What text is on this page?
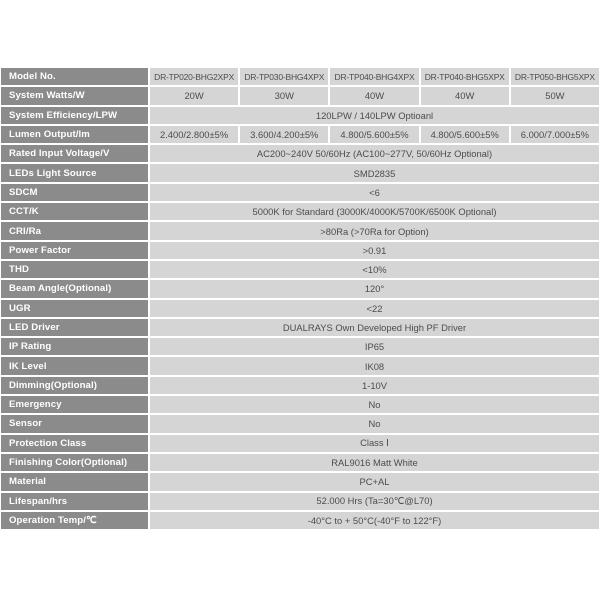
Model No.	DR-TP020-BHG2XPX	DR-TP030-BHG4XPX	DR-TP040-BHG4XPX	DR-TP040-BHG5XPX	DR-TP050-BHG5XPX
System Watts/W	20W	30W	40W	40W	50W
System Efficiency/LPW	120LPW / 140LPW Optioanl
Lumen Output/lm	2.400/2.800±5%	3.600/4.200±5%	4.800/5.600±5%	4.800/5.600±5%	6.000/7.000±5%
Rated Input Voltage/V	AC200~240V 50/60Hz (AC100~277V, 50/60Hz Optional)
LEDs Light Source	SMD2835
SDCM	<6
CCT/K	5000K for Standard (3000K/4000K/5700K/6500K Optional)
CRI/Ra	>80Ra (>70Ra for Option)
Power Factor	>0.91
THD	<10%
Beam Angle(Optional)	120°
UGR	<22
LED Driver	DUALRAYS Own Developed High PF Driver
IP Rating	IP65
IK Level	IK08
Dimming(Optional)	1-10V
Emergency	No
Sensor	No
Protection Class	Class Ⅰ
Finishing Color(Optional)	RAL9016 Matt White
Material	PC+AL
Lifespan/hrs	52.000 Hrs (Ta=30℃@L70)
Operation Temp/℃	-40°C to + 50°C(-40°F to 122°F)
